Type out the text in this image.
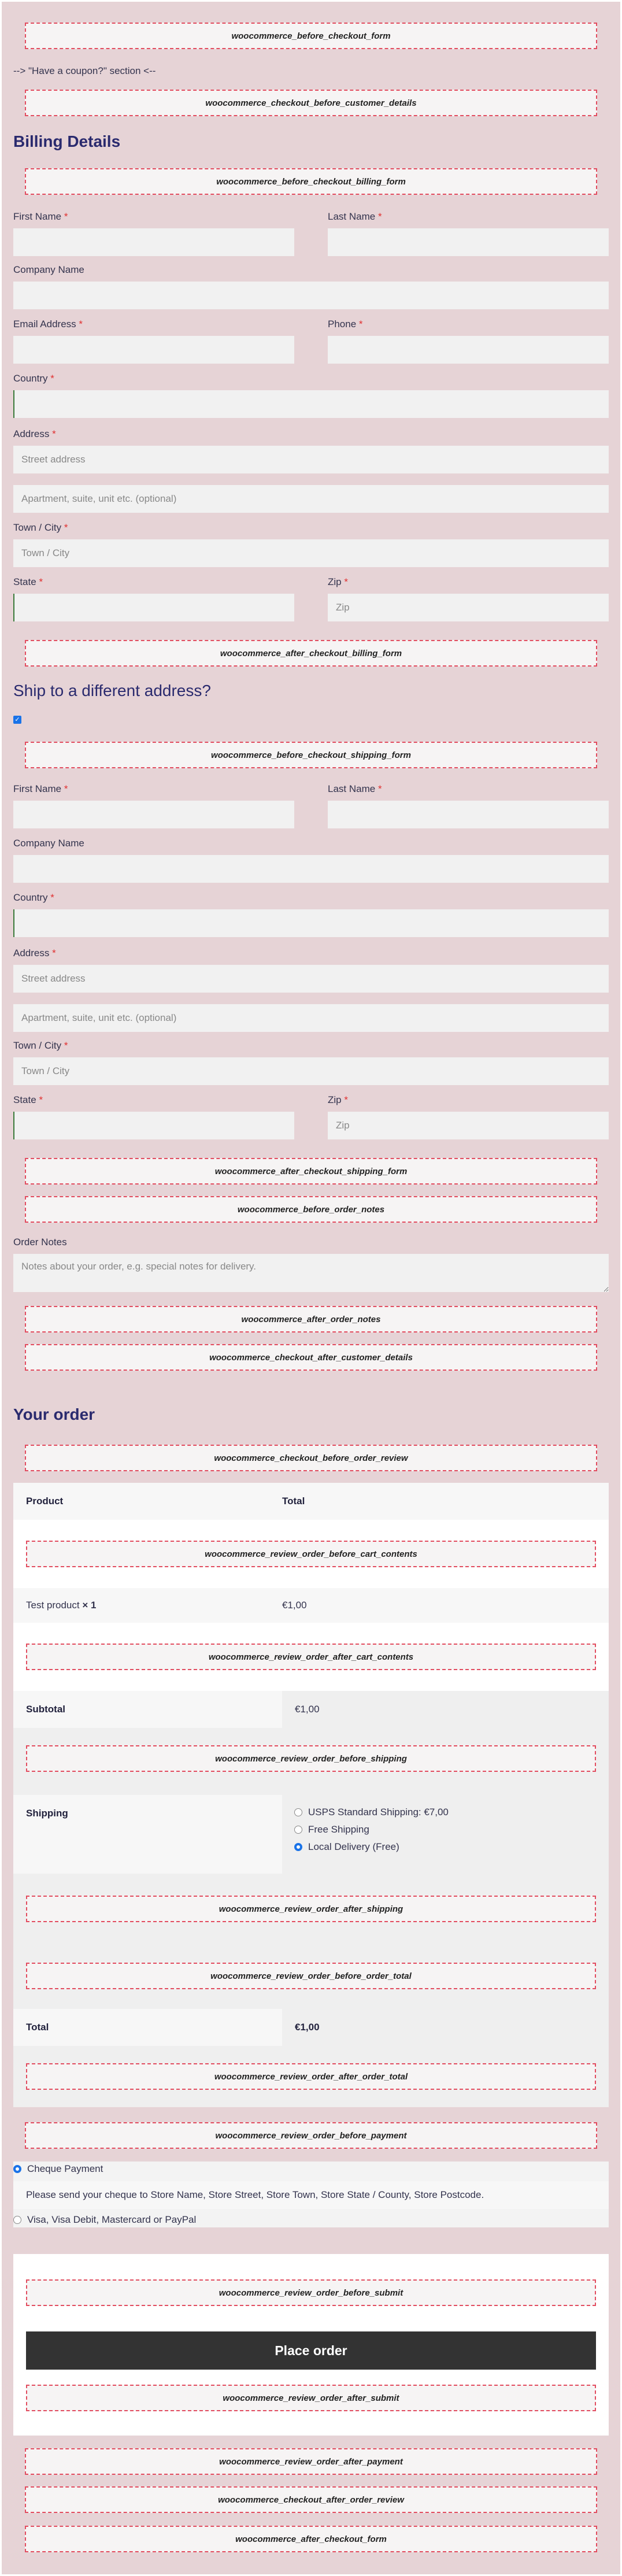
woocommerce_before_checkout_form
--> "Have a coupon?" section <--
woocommerce_checkout_before_customer_details
Billing Details
woocommerce_before_checkout_billing_form
First Name *	Last Name *
Company Name
Email Address *	Phone *
Country *
Address *
Street address
Apartment, suite, unit etc. (optional)
Town / City *
Town / City
State *	Zip *
Zip
woocommerce_after_checkout_billing_form
Ship to a different address?
✓
woocommerce_before_checkout_shipping_form
First Name *	Last Name *
Company Name
Country *
Address *
Street address
Apartment, suite, unit etc. (optional)
Town / City *
Town / City
State *	Zip *
Zip
woocommerce_after_checkout_shipping_form
woocommerce_before_order_notes
Order Notes
Notes about your order, e.g. special notes for delivery.
woocommerce_after_order_notes
woocommerce_checkout_after_customer_details
Your order
woocommerce_checkout_before_order_review
Product	Total
woocommerce_review_order_before_cart_contents
Test product × 1	€1,00
woocommerce_review_order_after_cart_contents
Subtotal	€1,00
woocommerce_review_order_before_shipping
Shipping	USPS Standard Shipping: €7,00
Free Shipping
Local Delivery (Free)
woocommerce_review_order_after_shipping
woocommerce_review_order_before_order_total
Total	€1,00
woocommerce_review_order_after_order_total
woocommerce_review_order_before_payment
Cheque Payment
Please send your cheque to Store Name, Store Street, Store Town, Store State / County, Store Postcode.
Visa, Visa Debit, Mastercard or PayPal
woocommerce_review_order_before_submit
Place order
woocommerce_review_order_after_submit
woocommerce_review_order_after_payment
woocommerce_checkout_after_order_review
woocommerce_after_checkout_form
